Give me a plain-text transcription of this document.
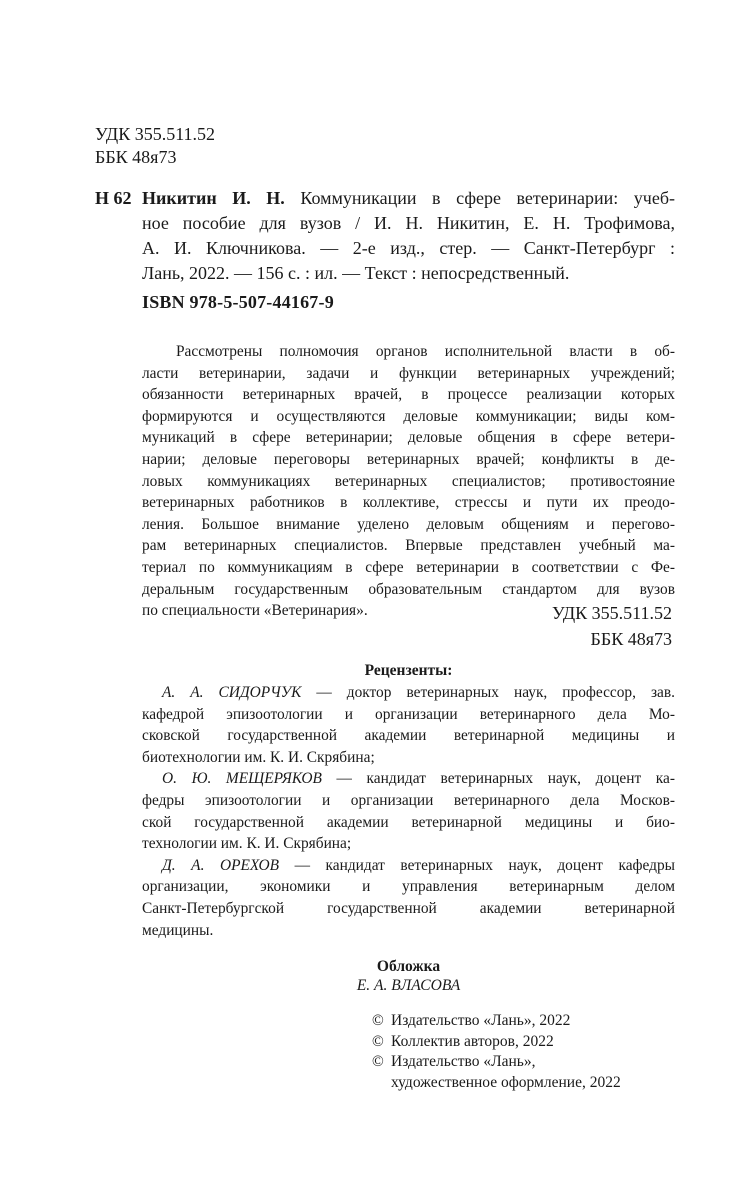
УДК 355.511.52
ББК 48я73
Н 62 Никитин И. Н. Коммуникации в сфере ветеринарии: учеб-
ное пособие для вузов / И. Н. Никитин, Е. Н. Трофимова,
А. И. Ключникова. — 2-е изд., стер. — Санкт-Петербург :
Лань, 2022. — 156 с. : ил. — Текст : непосредственный.
ISBN 978-5-507-44167-9
Рассмотрены полномочия органов исполнительной власти в об-
ласти ветеринарии, задачи и функции ветеринарных учреждений;
обязанности ветеринарных врачей, в процессе реализации которых
формируются и осуществляются деловые коммуникации; виды ком-
муникаций в сфере ветеринарии; деловые общения в сфере ветери-
нарии; деловые переговоры ветеринарных врачей; конфликты в де-
ловых коммуникациях ветеринарных специалистов; противостояние
ветеринарных работников в коллективе, стрессы и пути их преодо-
ления. Большое внимание уделено деловым общениям и перегово-
рам ветеринарных специалистов. Впервые представлен учебный ма-
териал по коммуникациям в сфере ветеринарии в соответствии с Фе-
деральным государственным образовательным стандартом для вузов
по специальности «Ветеринария».	УДК 355.511.52
ББК 48я73
Рецензенты:
А. А. СИДОРЧУК — доктор ветеринарных наук, профессор, зав.
кафедрой эпизоотологии и организации ветеринарного дела Мо-
сковской государственной академии ветеринарной медицины и
биотехнологии им. К. И. Скрябина;
О. Ю. МЕЩЕРЯКОВ — кандидат ветеринарных наук, доцент ка-
федры эпизоотологии и организации ветеринарного дела Москов-
ской государственной академии ветеринарной медицины и био-
технологии им. К. И. Скрябина;
Д. А. ОРЕХОВ — кандидат ветеринарных наук, доцент кафедры
организации, экономики и управления ветеринарным делом
Санкт-Петербургской государственной академии ветеринарной
медицины.
Обложка
Е. А. ВЛАСОВА
© Издательство «Лань», 2022
© Коллектив авторов, 2022
© Издательство «Лань»,
художественное оформление, 2022
